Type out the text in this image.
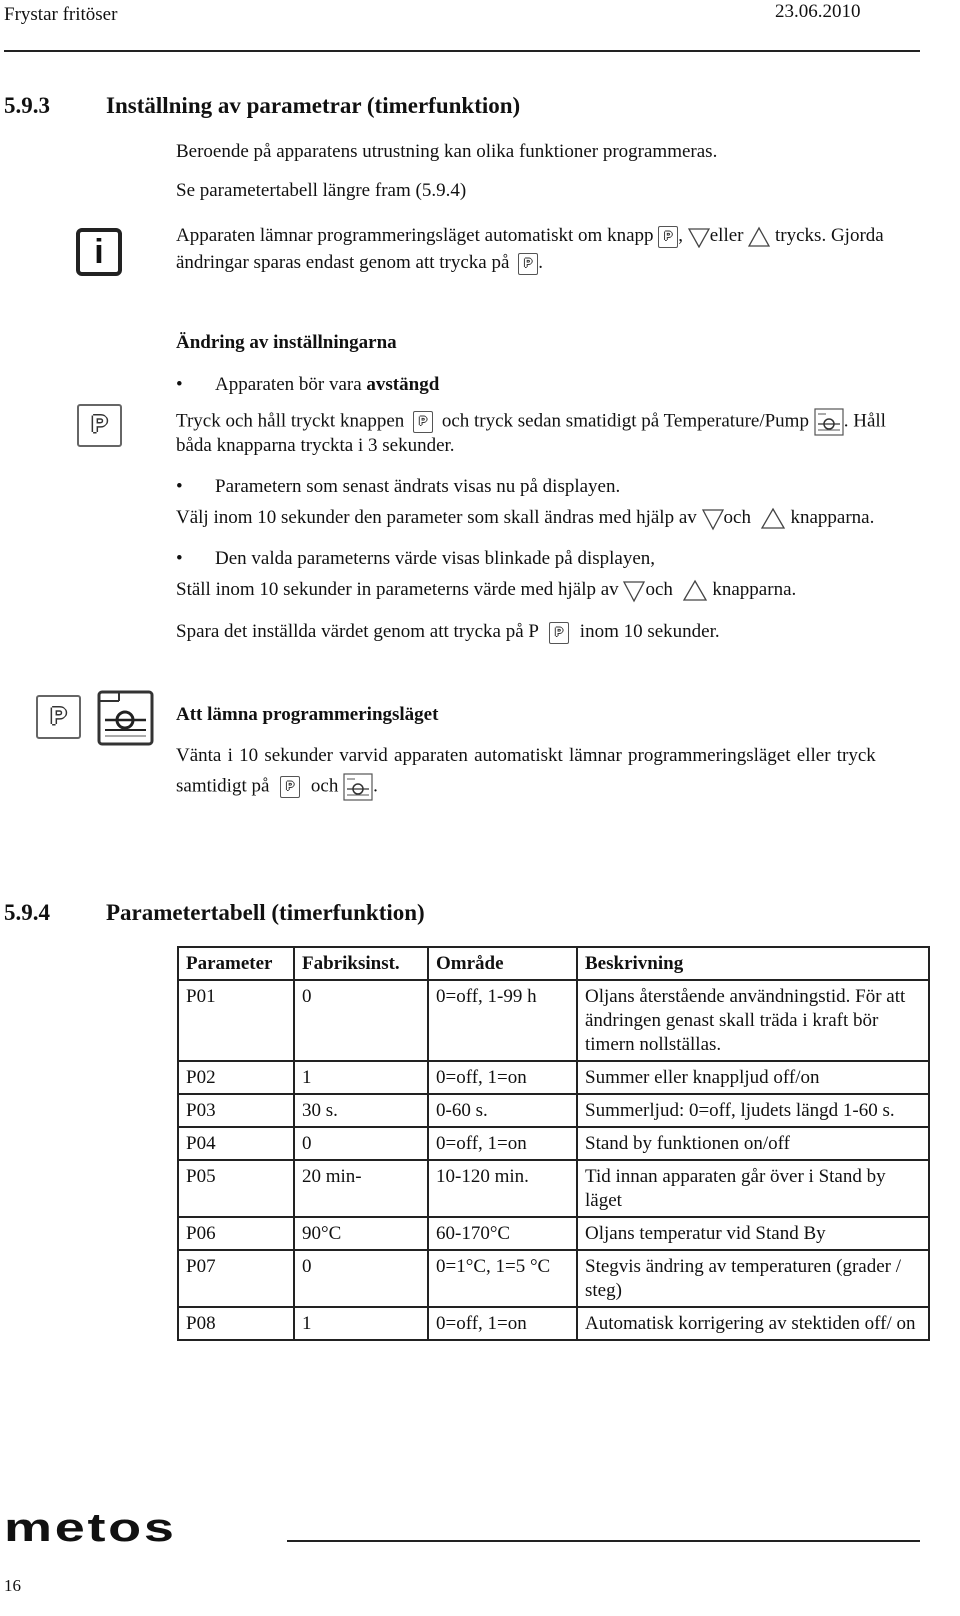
Frystar fritöser	23.06.2010
5.9.3 Inställning av parametrar (timerfunktion)
Beroende på apparatens utrustning kan olika funktioner programmeras.
Se parametertabell längre fram (5.9.4)
i	Apparaten lämnar programmeringsläget automatiskt om knapp P , eller trycks. Gjorda
ändringar sparas endast genom att trycka på P .
Ändring av inställningarna
• Apparaten bör vara avstängd
P	Tryck och håll tryckt knappen P och tryck sedan smatidigt på Temperature/Pump . Håll
båda knapparna tryckta i 3 sekunder.
• Parametern som senast ändrats visas nu på displayen.
Välj inom 10 sekunder den parameter som skall ändras med hjälp av och knapparna.
• Den valda parameterns värde visas blinkade på displayen,
Ställ inom 10 sekunder in parameterns värde med hjälp av och knapparna.
Spara det inställda värdet genom att trycka på P P inom 10 sekunder.
P	Att lämna programmeringsläget
Vänta i 10 sekunder varvid apparaten automatiskt lämnar programmeringsläget eller tryck
samtidigt på P och .
5.9.4 Parametertabell (timerfunktion)
Parameter	Fabriksinst.	Område	Beskrivning
P01	0	0=off, 1-99 h	Oljans återstående användningstid. För att ändringen genast skall träda i kraft bör timern nollställas.
P02	1	0=off, 1=on	Summer eller knappljud off/on
P03	30 s.	0-60 s.	Summerljud: 0=off, ljudets längd 1-60 s.
P04	0	0=off, 1=on	Stand by funktionen on/off
P05	20 min-	10-120 min.	Tid innan apparaten går över i Stand by läget
P06	90°C	60-170°C	Oljans temperatur vid Stand By
P07	0	0=1°C, 1=5 °C	Stegvis ändring av temperaturen (grader / steg)
P08	1	0=off, 1=on	Automatisk korrigering av stektiden off/ on
metos
16
